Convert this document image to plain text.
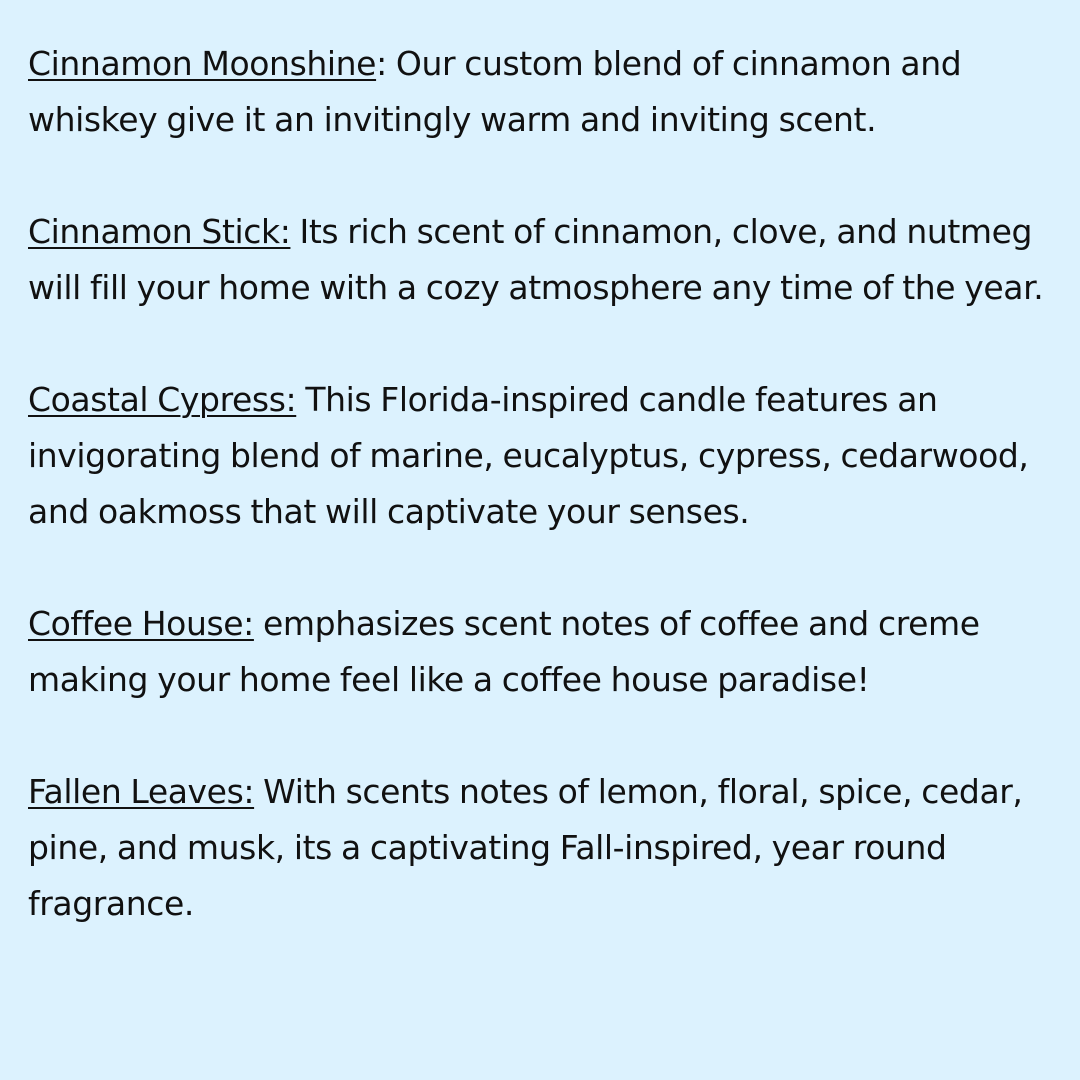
Cinnamon Moonshine: Our custom blend of cinnamon and whiskey give it an invitingly warm and inviting scent.

Cinnamon Stick: Its rich scent of cinnamon, clove, and nutmeg will fill your home with a cozy atmosphere any time of the year.

Coastal Cypress: This Florida-inspired candle features an invigorating blend of marine, eucalyptus, cypress, cedarwood, and oakmoss that will captivate your senses.

Coffee House: emphasizes scent notes of coffee and creme making your home feel like a coffee house paradise!

Fallen Leaves: With scents notes of lemon, floral, spice, cedar, pine, and musk, its a captivating Fall-inspired, year round fragrance.
